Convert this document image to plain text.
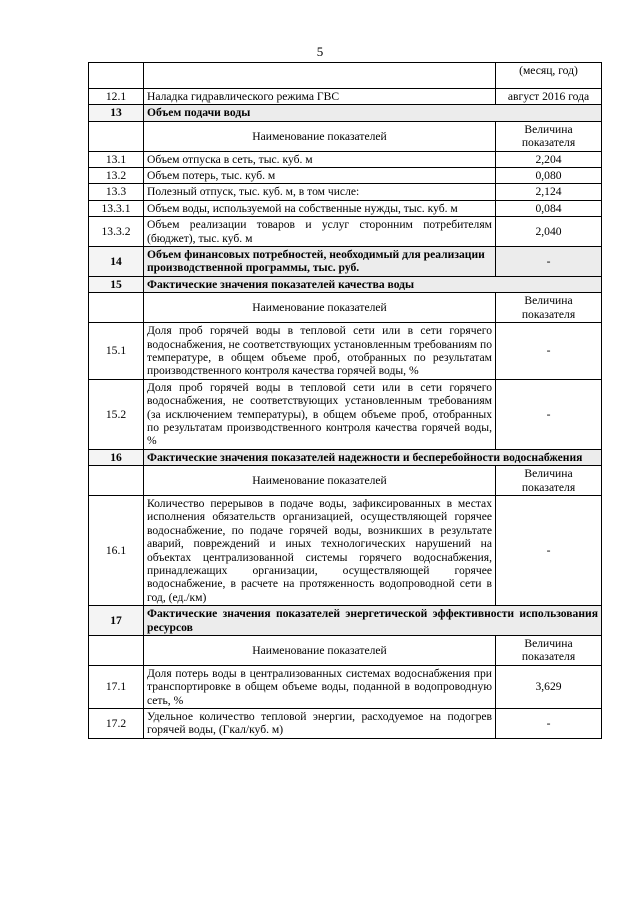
5
		(месяц, год)
12.1	Наладка гидравлического режима ГВС	август 2016 года
13	Объем подачи воды	
	Наименование показателей	Величина показателя
13.1	Объем отпуска в сеть, тыс. куб. м	2,204
13.2	Объем потерь, тыс. куб. м	0,080
13.3	Полезный отпуск, тыс. куб. м, в том числе:	2,124
13.3.1	Объем воды, используемой на собственные нужды, тыс. куб. м	0,084
13.3.2	Объем реализации товаров и услуг сторонним потребителям (бюджет), тыс. куб. м	2,040
14	Объем финансовых потребностей, необходимый для реализации производственной программы, тыс. руб.	-
15	Фактические значения показателей качества воды	
	Наименование показателей	Величина показателя
15.1	Доля проб горячей воды в тепловой сети или в сети горячего водоснабжения, не соответствующих установленным требованиям по температуре, в общем объеме проб, отобранных по результатам производственного контроля качества горячей воды, %	-
15.2	Доля проб горячей воды в тепловой сети или в сети горячего водоснабжения, не соответствующих установленным требованиям (за исключением температуры), в общем объеме проб, отобранных по результатам производственного контроля качества горячей воды, %	-
16	Фактические значения показателей надежности и бесперебойности водоснабжения	
	Наименование показателей	Величина показателя
16.1	Количество перерывов в подаче воды, зафиксированных в местах исполнения обязательств организацией, осуществляющей горячее водоснабжение, по подаче горячей воды, возникших в результате аварий, повреждений и иных технологических нарушений на объектах централизованной системы горячего водоснабжения, принадлежащих организации, осуществляющей горячее водоснабжение, в расчете на протяженность водопроводной сети в год, (ед./км)	-
17	Фактические значения показателей энергетической эффективности использования ресурсов	
	Наименование показателей	Величина показателя
17.1	Доля потерь воды в централизованных системах водоснабжения при транспортировке в общем объеме воды, поданной в водопроводную сеть, %	3,629
17.2	Удельное количество тепловой энергии, расходуемое на подогрев горячей воды, (Гкал/куб. м)	-
